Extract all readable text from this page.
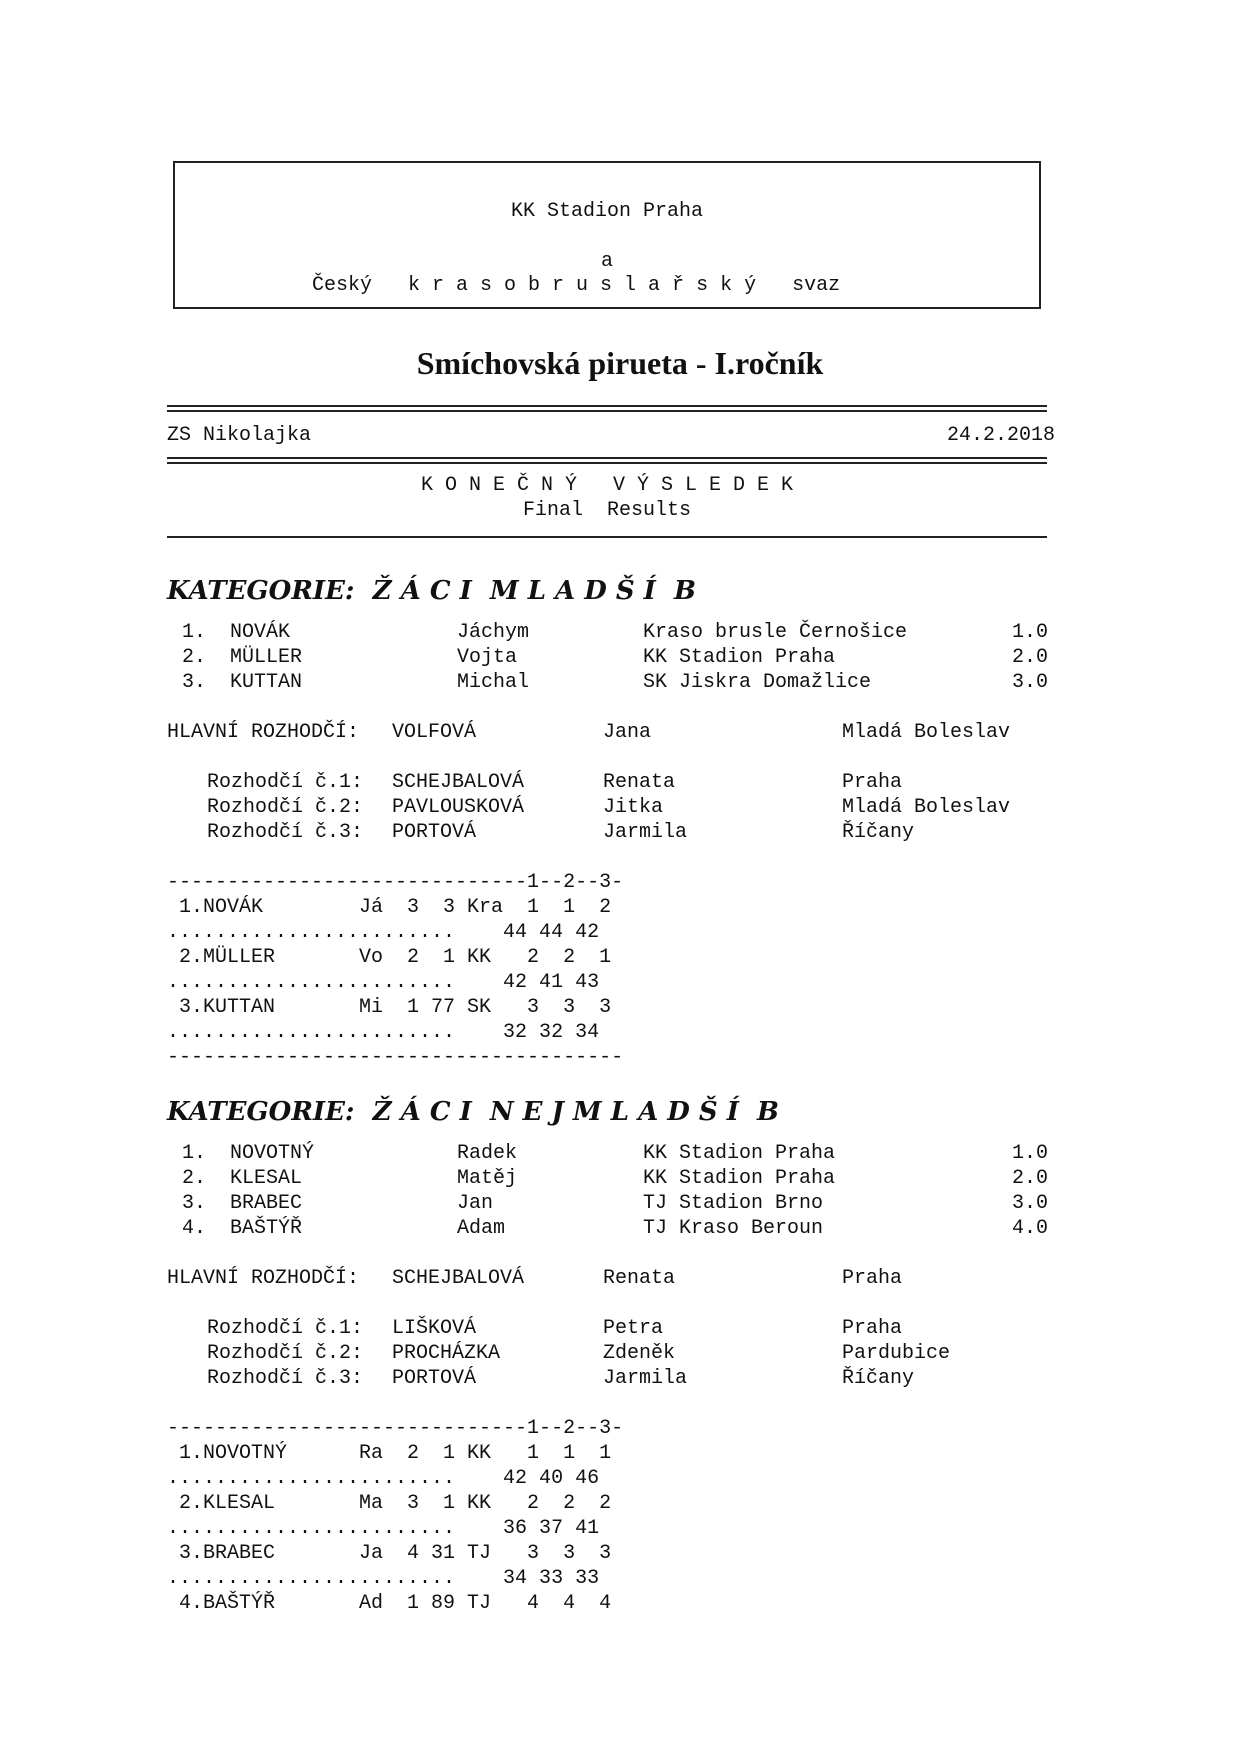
KK Stadion Praha
a
Český   k r a s o b r u s l a ř s k ý   svaz
Smíchovská pirueta - I.ročník
ZS Nikolajka	24.2.2018
K O N E Č N Ý   V Ý S L E D E K
Final  Results
KATEGORIE:  Ž Á C I  M L A D Š Í  B
1. NOVÁK	Jáchym	Kraso brusle Černošice	1.0
2. MÜLLER	Vojta	KK Stadion Praha	2.0
3. KUTTAN	Michal	SK Jiskra Domažlice	3.0
HLAVNÍ ROZHODČÍ: VOLFOVÁ	Jana	Mladá Boleslav
Rozhodčí č.1: SCHEJBALOVÁ	Renata	Praha
Rozhodčí č.2: PAVLOUSKOVÁ	Jitka	Mladá Boleslav
Rozhodčí č.3: PORTOVÁ	Jarmila	Říčany
------------------------------1--2--3-
1.NOVÁK        Já  3  3 Kra  1  1  2
........................    44 44 42
2.MÜLLER       Vo  2  1 KK   2  2  1
........................    42 41 43
3.KUTTAN       Mi  1 77 SK   3  3  3
........................    32 32 34
--------------------------------------
KATEGORIE:  Ž Á C I  N E J M L A D Š Í  B
1. NOVOTNÝ	Radek	KK Stadion Praha	1.0
2. KLESAL	Matěj	KK Stadion Praha	2.0
3. BRABEC	Jan	TJ Stadion Brno	3.0
4. BAŠTÝŘ	Adam	TJ Kraso Beroun	4.0
HLAVNÍ ROZHODČÍ: SCHEJBALOVÁ	Renata	Praha
Rozhodčí č.1: LIŠKOVÁ	Petra	Praha
Rozhodčí č.2: PROCHÁZKA	Zdeněk	Pardubice
Rozhodčí č.3: PORTOVÁ	Jarmila	Říčany
------------------------------1--2--3-
1.NOVOTNÝ      Ra  2  1 KK   1  1  1
........................    42 40 46
2.KLESAL       Ma  3  1 KK   2  2  2
........................    36 37 41
3.BRABEC       Ja  4 31 TJ   3  3  3
........................    34 33 33
4.BAŠTÝŘ       Ad  1 89 TJ   4  4  4
